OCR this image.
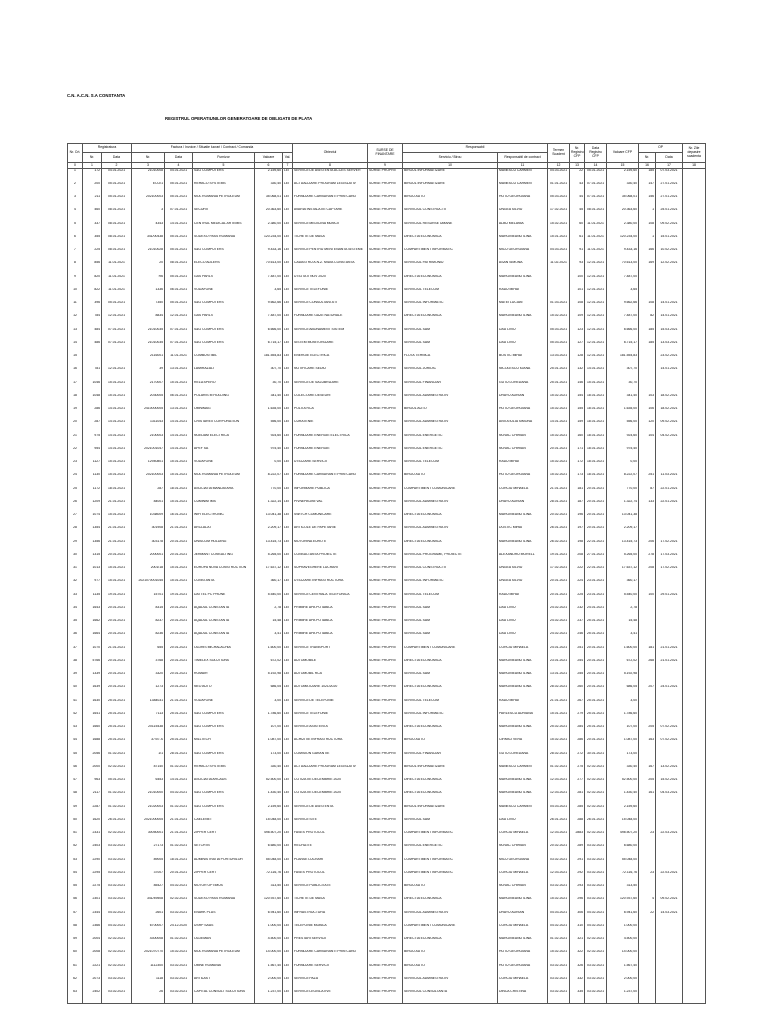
C.N. A.C.N. S.A CONSTANTA
REGISTRUL OPERATIUNILOR GENERATOARE DE OBLIGATII DE PLATA
Nr. Crt.	Registratura		Factura / Invoice / Situatie lucrari / Contract / Comanda					Obiectul	SURSE DE FINANTARE	Responsabil		Termen Scadent	Nr. Registru CFP	Data Registru CFP	Valoare CFP	OP		Nr. Zile depasire scadenta
	Nr.	Data	Nr.	Data	Furnizor	Valoare	Val.			Serviciu / Birou	Responsabil de contract					Nr.	Data	
0	1	2	3	4	5	6	7	8	9	10	11	12	13	14	15	16	17	18
1	172	04.01.2021	21010008	04.01.2021	S&G COMPUTERS	2.159,60	LEI	SERVICII DE ASISTENTA ACCES SERVER	SURSE PROPRII	BIROUL INFORMATIZARE	MANESCU CARMEN	04.03.2021	22	05.01.2021	2.159,60	185	07.03.2021	
2	200	05.01.2021	ECO/1	05.01.2021	REHACO SYSTEMS	330,40	LEI	ACTUALIZARE PROGRAM LEGISLATIV	SURSE PROPRII	BIROUL INFORMATIZARE	MANESCU CARMEN	01.01.2021	43	07.01.2021	330,40	147	27.01.2021	
3	211	05.01.2021	202100003	05.01.2021	MOL ROMANIA PETROLEUM	35.068,01	LEI	FURNIZARE CARBURANTI PRIN CARD	SURSE PROPRII	BIROU AUTO	HOTU GEORGIANA	05.03.2021	44	07.01.2021	35.068,01	156	27.01.2021	
4	460	08.01.2021	3	07.01.2021	SECURIT	20.363,60	LEI	AVARIA INSTALATIE CAPTARE	SURSE PROPRII	SERVICIUL CONSTRUCTII	UNGEA SILVIU	17.02.2021	45	08.01.2021	20.363,60	1	25.01.2021	
5	337	08.01.2021	4343	14.01.2021	CENTRUL MEDICAL ARTEMIS	2.380,00	LEI	SERVICII MEDICINA MUNCII	SURSE PROPRII	SERVICIUL RESURSE UMANE	ALBU MELANIA	15.02.2021	60	11.01.2021	2.380,00	108	09.02.2021	
6	355	08.01.2021	341/00438	05.01.2021	SODEXO PASS ROMANIA	120.234,00	LEI	TICHETE DE MASA	SURSE PROPRII	DIRECTIA ECONOMICA	MARGINEANU ILINA	15.01.2021	61	11.01.2021	120.234,00	1	15.01.2021	
7	225	08.01.2021	21010028	05.01.2021	S&G COMPUTERS	9.433,16	LEI	SERVICII PENTRU MENTENANTA SISTEME	SURSE PROPRII	COMPARTIMENT INFORMATIC	MICU GEORGIANA	04.03.2021	91	11.01.2021	9.433,16	166	10.02.2021	
8	856	11.01.2021	20	08.01.2021	ELECO ADLERS	70.613,00	LEI	CADASTRU A.N.Z. MIDIA CONSTANTA	SURSE PROPRII	SERVICIUL PATRIMONIU	ASAN SIMONA	11.02.2021	93	12.01.2021	70.613,00	169	12.02.2021	
9	820	11.01.2021	R6	05.01.2021	GAS PARLX	7.487,00	LEI	UTILITATI NOV 2020	SURSE PROPRII	DIRECTIA ECONOMICA	MARGINEANU ILINA		100	12.01.2021	7.487,00			
10	822	11.01.2021	1336	06.01.2021	VODAFONE	3,65	LEI	SERVICII TELEFONIE	SURSE PROPRII	SERVICIUL TELECOM	RADU MIHAI		101	12.01.2021	3,65			
11	396	05.01.2021	7350	05.01.2021	S&G COMPUTERS	9.662,66	LEI	SERVICII CONSULTANTA IT	SURSE PROPRII	SERVICIUL INFORMATIC	MATEI LUCIAN	01.03.2021	108	12.01.2021	9.662,66	108	14.01.2021	
12	784	12.01.2021	8834	12.01.2021	GAS PARLX	7.487,00	LEI	FURNIZARE GAZE NATURALE	SURSE PROPRII	DIRECTIA ECONOMICA	MARGINEANU ILINA	15.02.2021	109	12.01.2021	7.487,00	82	14.01.2021	
13	484	07.01.2021	21010035	07.01.2021	S&G COMPUTERS	6.666,00	LEI	SERVICII ABONAMENT SISTEM	SURSE PROPRII	SERVICIUL SAM	DAU LIVIU	05.03.2021	123	12.01.2021	6.666,00	185	15.03.2021	
14	486	07.01.2021	21010035	07.01.2021	S&G COMPUTERS	6.715,17	LEI	SISTEM MONITORIZARE	SURSE PROPRII	SERVICIUL SAM	DAU LIVIU	05.03.2021	127	12.01.2021	6.715,17	185	13.03.2021	
15			2116001	11.01.2021	COMBUSTIBIL	181.554,83	LEI	ENERGIE ELECTRICA	SURSE PROPRII	FLOTA TEHNICA	BOSTIC MIHAI	13.03.2021	128	12.01.2021	181.554,83		23.02.2021	
16	781	12.01.2021	39	13.01.2021	LAMIRAZALI	307,70	LEI	NOTIFICARE SEDIU	SURSE PROPRII	SERVICIUL JURIDIC	NICOLESCU IOANA	25.01.2021	132	14.01.2021	307,70		14.01.2021	
17	1046	15.01.2021	2170007	15.01.2021	RELIZSPERO	30,70	LEI	SERVICII DE SALUBRIZARE	SURSE PROPRII	SERVICIUL FINANCIAR	GUTU LOREDANA	25.01.2021	146	15.01.2021	30,70			
18	1048	15.01.2021	2030005	06.01.2021	POLARIS M HOLDING	341,40	LEI	COLECTARE DESEURI	SURSE PROPRII	SERVICIUL ADMINISTRATIV	DRAYU ADRIAN	15.02.2021	154	18.01.2021	341,40	103	18.02.2021	
19	286	14.01.2021	2410000005	13.01.2021	OMNIMAG	1.635,00	LEI	POLITA RCA	SURSE PROPRII	BIROUL AUTO	HOTU GEORGIANA	15.02.2021	155	18.01.2021	1.635,00	106	18.02.2021	
20	287	14.01.2021	1311043	14.01.2021	CRISTAREX CORPORATION	556,00	LEI	CURATENIE	SURSE PROPRII	SERVICIUL ADMINISTRATIV	ANITA IULIA SIMONA	14.01.2021	159	18.01.2021	556,00	120	09.02.2021	
21	975	14.01.2021	2100003	14.01.2021	NOEDAM ELECTRICA	924,60	LEI	FURNIZARE ENERGIE ELECTRICA	SURSE PROPRII	SERVICIUL ENERGETIC	NOVAC CHIRIAN	15.02.2021	160	18.01.2021	924,60	104	04.02.2021	
22	954	14.01.2021	2021001047	14.01.2021	APEF SA	975,40	LEI	FURNIZARE ENERGIE	SURSE PROPRII	SERVICIUL ENERGETIC	NOVAC CHIRIAN	20.01.2021	171	18.01.2021	975,40			
23	1127	15.01.2021	12940801	15.01.2021	VODAFONE	0,00	LEI	UTILIZARE SERVICII	SURSE PROPRII	SERVICIUL TELECOM	RADU MIHAI	15.02.2021	172	18.01.2021	0,00			
24	1130	15.01.2021	202100003	15.01.2021	MOL ROMANIA PETROLEUM	8.222,07	LEI	FURNIZARE CARBURANTI PRIN CARD	SURSE PROPRII	BIROU AUTO	HOTU GEORGIANA	15.02.2021	173	18.01.2021	8.222,07	251	11.03.2021	
25	1172	18.01.2021	287	18.01.2021	ASOCIATIA MANDATARA	770,00	LEI	INFORMARE PUBLICA	SURSE PROPRII	COMPARTIMENT COMUNICARE	CORCIU MIHAELA	21.01.2021	181	20.01.2021	770,00	87	22.01.2021	
26	1209	21.01.2021	84001	15.01.2021	CUMINIM IMS	1.322,14	LEI	PIVNEPAGINI VAL	SURSE PROPRII	SERVICIUL ADMINISTRATIV	DRAYU ADRIAN	28.01.2021	187	20.01.2021	1.322,74	133	22.01.2021	
27	1074	15.01.2021	1038009	16.01.2021	WIFI ELECTRONIC	13.041,38	LEI	SWITCH COMUNICARE	SURSE PROPRII	DIRECTIA ECONOMICA	MARGINEANU ILINA	20.02.2021	196	20.01.2021	13.041,38			
28	1354	21.01.2021	301908	21.01.2021	ARCLALAT	2.209,17	LEI	ARTICOLE DE PAPETARIE	SURSE PROPRII	SERVICIUL ADMINISTRATIV	DOSTIC MIHAI	26.01.2021	197	20.01.2021	2.209,17			
29	1356	21.01.2021	303178	20.01.2021	UNISCOM HOLDING	13.415,73	LEI	MOTORINA EURO 5	SURSE PROPRII	DIRECTIA ECONOMICA	MARGINEANU ILINA	26.02.2021	198	22.01.2021	13.415,73	206	17.02.2021	
30	1315	20.01.2021	2000001	20.01.2021	JERMANT CONSULTING	5.265,00	LEI	CONSULTANTA PROIECTE	SURSE PROPRII	SERVICIUL PROGRAME, PROIECTE	ALEXANDRU MORELL	19.01.2021	208	27.01.2021	5.265,00	278	17.03.2021	
31	1013	15.01.2021	2001/18	15.01.2021	EUROPA NOVA CONSTRUCTION	17.637,12	LEI	SUPRAVEGHERE LUCRARI	SURSE PROPRII	SERVICIUL CONSTRUCTII	UNGEA SILVIU	17.02.2021	222	22.01.2021	17.637,12	208	17.02.2021	
32	977	15.01.2021	2021070001045	15.01.2021	CONSTANTA	360,17	LEI	UTILIZARE INFRASTRUCTURA	SURSE PROPRII	SERVICIUL INFORMATIC	UNGEA SILVIU	20.01.2021	224	23.01.2021	360,17			
33	1135	19.01.2021	15701	19.01.2021	DATTEL PC PHONE	5.540,00	LEI	SERVICII CENTRALA TELEFONICA	SURSE PROPRII	SERVICIUL TELECOM	RADU MIHAI	20.01.2021	225	23.01.2021	5.540,00	100	29.01.2021	
34	1643	20.01.2021	8315	20.01.2021	AQADUL CONSTANTA	2,78	LEI	PRIMIRE APA POTABILA	SURSE PROPRII	SERVICIUL SAM	DAU LIVIU	24.02.2021	232	24.01.2021	2,78			
35	1662	20.01.2021	8237	20.01.2021	AQADUL CONSTANTA	15,48	LEI	PRIMIRE APA POTABILA	SURSE PROPRII	SERVICIUL SAM	DAU LIVIU	24.02.2021	237	25.01.2021	15,48			
36	1664	20.01.2021	8236	20.01.2021	AQADUL CONSTANTA	3,41	LEI	PRIMIRE APA POTABILA	SURSE PROPRII	SERVICIUL SAM	DAU LIVIU	24.02.2021	246	25.01.2021	3,41			
37	1070	21.01.2021	655	20.01.2021	OLDRIS MICHALACHIA	1.600,00	LEI	SERVICII TRANSPORT	SURSE PROPRII	COMPARTIMENT COMUNICARE	CORCIU MIHAELA	24.01.2021	251	20.01.2021	1.600,00	181	21.01.2021	
38	5766	20.01.2021	3768	20.01.2021	TIMELEX SOLUTIONS	672,02	LEI	AUTOMOBILE	SURSE PROPRII	DIRECTIA ECONOMICA	MARGINEANU ILINA	23.01.2021	254	20.01.2021	672,02	268	21.01.2021	
39	1339	20.01.2021	3320	20.01.2021	ROMAIR	5.192,98	LEI	AUTOMOBIL RCA	SURSE PROPRII	SERVICIUL SAM	MARGINEANU ILINA	13.01.2021	255	20.01.2021	5.192,98			
40	1639	20.01.2021	1273	20.01.2021	NEO AUTO	686,05	LEI	AUTOMATIZARE 1021/2020	SURSE PROPRII	DIRECTIA ECONOMICA	MARGINEANU ILINA	28.02.2021	260	20.01.2021	686,05	207	24.01.2021	
41	1630	25.01.2021	1384031	21.01.2021	VODAFONE	3,00	LEI	SERVICII DE TELEFONIE	SURSE PROPRII	SERVICIUL TELECOM	RADU MIHAI	21.01.2021	267	25.01.2021	3,00			
42	1641	25.01.2021	7113	25.01.2021	S&G COMPUTERS	1.786,60	LEI	SERVICII TELEFONIE	SURSE PROPRII	SERVICIUL INFORMATIC	PARLESCU ADRIANA	15.01.2021	279	25.01.2021	1.786,60			
43	1660	25.01.2021	20115438	25.01.2021	S&G COMPUTERS	107,00	LEI	SERVICII ASISTENTA	SURSE PROPRII	DIRECTIA ECONOMICA	MARGINEANU ILINA	25.02.2021	284	25.01.2021	107,00	205	07.02.2021	
44	1688	25.01.2021	37/07-S	25.01.2021	MILLTECH	1.087,00	LEI	ACHIZITIE INFRASTRUCTURA	SURSE PROPRII	BIROU AUTO	CIRMICI VERA	15.02.2021	286	20.01.2021	1.087,00	163	07.02.2021	
45	2056	01.02.2021	1/1	28.01.2021	S&G COMPUTERS	173,00	LEI	COMISION GARANTIE	SURSE PROPRII	SERVICIUL FINANCIAR	GUTU LOREDANA	28.02.2021	272	30.01.2021	173,00			
46	2000	02.02.2021	87140	01.02.2021	REHACO SYSTEMS	330,40	LEI	ACTUALIZARE PROGRAM LEGISLATIV	SURSE PROPRII	BIROUL INFORMATIZARE	MANESCU CARMEN	01.02.2021	275	02.02.2021	330,40	167	13.02.2021	
47	963	05.01.2021	6453	14.01.2021	ASOCIATIA ARCADS	52.500,00	LEI	COTIZATIE DECEMBRIE 2020	SURSE PROPRII	DIRECTIA ECONOMICA	MARGINEANU ILINA	12.03.2021	277	02.02.2021	52.500,00	205	15.02.2021	
48	2117	01.02.2021	21010000	04.02.2021	S&G COMPUTERS	1.430,40	LEI	COTIZATIE DECEMBRIE 2020	SURSE PROPRII	DIRECTIA ECONOMICA	MARGINEANU ILINA	12.03.2021	281	02.02.2021	1.430,40	161	04.03.2021	
49	2287	01.02.2021	21020003	01.02.2021	S&G COMPUTERS	2.159,60	LEI	SERVICII DE ASISTENTA	SURSE PROPRII	BIROUL INFORMATIZARE	MANESCU CARMEN	04.03.2021	285	02.02.2021	2.159,60			
50	1620	26.01.2021	2021000005	21.01.2021	CAELENET	15.048,00	LEI	SERVICII SITE	SURSE PROPRII	SERVICIUL SAM	DAU LIVIU	26.01.2021	288	26.01.2021	15.048,00			
51	2331	02.02.2021	30050001	21.01.2021	ZIPPER CERT	498.507,20	LEI	FASES PROTOCOL	SURSE PROPRII	COMPARTIMENT INFORMATIC	CORCIU MIHAELA	12.03.2021	2883	02.02.2021	498.507,20	23	22.03.2021	
52	2403	03.02.2021	27173	01.02.2021	SETCH IB	6.680,00	LEI	RECHIZITE	SURSE PROPRII	SERVICIUL ENERGETIC	NOVAC CHIRIAN	20.02.2021	289	03.02.2021	6.680,00			
53	2290	03.02.2021	89005	18.01.2021	ADMINISTRATIA PORTURILOR	55.048,00	LEI	PLANSE LUCRARI	SURSE PROPRII	COMPARTIMENT INFORMATIC	MICU GEORGIANA	03.02.2021	291	03.02.2021	55.048,00			
54	2295	03.02.2021	37007	20.01.2021	ZIPPER CERT	72.116,76	LEI	FASES PROTOCOL	SURSE PROPRII	COMPARTIMENT INFORMATIC	CORCIU MIHAELA	12.03.2021	292	03.02.2021	72.116,76	23	22.03.2021	
55	2275	03.02.2021	85427	04.02.2021	MOTOR OPTIMUS	313,50	LEI	SERVICII PUBLICITATE	SURSE PROPRII	BIROU AUTO	NOVAC CHIRIAN	03.02.2021	293	03.02.2021	313,50			
56	2301	03.02.2021	341/49508	02.02.2021	SODEXO PASS ROMANIA	120.937,60	LEI	TICHETE DE MASA	SURSE PROPRII	DIRECTIA ECONOMICA	MARGINEANU ILINA	15.02.2021	296	03.02.2021	120.937,60	4	09.02.2021	
57	2344	04.02.2021	2601	03.02.2021	ENARK PLUS	6.941,60	LEI	INFRASTRUCTURA	SURSE PROPRII	SERVICIUL ADMINISTRATIV	DRAYU ADRIAN	04.03.2021	306	04.02.2021	6.941,60	22	14.03.2021	
58	2366	04.02.2021	6700007	24.12.2020	USRP SAAS	1.000,00	LEI	TELEFONIE MOBILA	SURSE PROPRII	COMPARTIMENT COMUNICARE	CORCIU MIHAELA	04.02.2021	310	04.02.2021	1.000,00			
59	2004	02.02.2021	4300008	01.02.2021	OLDEMAN	4.500,00	LEI	PRESTARI SERVICII	SURSE PROPRII	DIRECTIA ECONOMICA	MARGINEANU ILINA	01.02.2021	321	02.02.2021	4.500,00			
60	2008	02.02.2021	2021070770	15.02.2021	MOL ROMANIA PETROLEUM	14.000,00	LEI	FURNIZARE CARBURANTI PRIN CARD	SURSE PROPRII	BIROU AUTO	HOTU GEORGIANA	15.02.2021	322	02.02.2021	14.000,00			
61	2221	02.02.2021	1112300	03.02.2021	OMNE ROMANIA	1.567,40	LEI	FURNIZARE SERVICII	SURSE PROPRII	BIROU AUTO	HOTU GEORGIANA	03.02.2021	326	03.02.2021	1.567,40			
62	2073	03.02.2021	1118	03.02.2021	ARTILAST	2.000,00	LEI	SERVICII PAZA	SURSE PROPRII	SERVICIUL ADMINISTRATIV	CORCIU MIHAELA	03.02.2021	332	03.02.2021	2.000,00			
63	2402	03.02.2021	26	03.02.2021	CAPITAL CONSULT SOLUTIONS	1.237,00	LEI	SERVICII LEGISLATIVE	SURSE PROPRII	SERVICIUL CONSULTANTA	DINCA CRISTINA	03.02.2021	335	03.02.2021	1.237,00			
